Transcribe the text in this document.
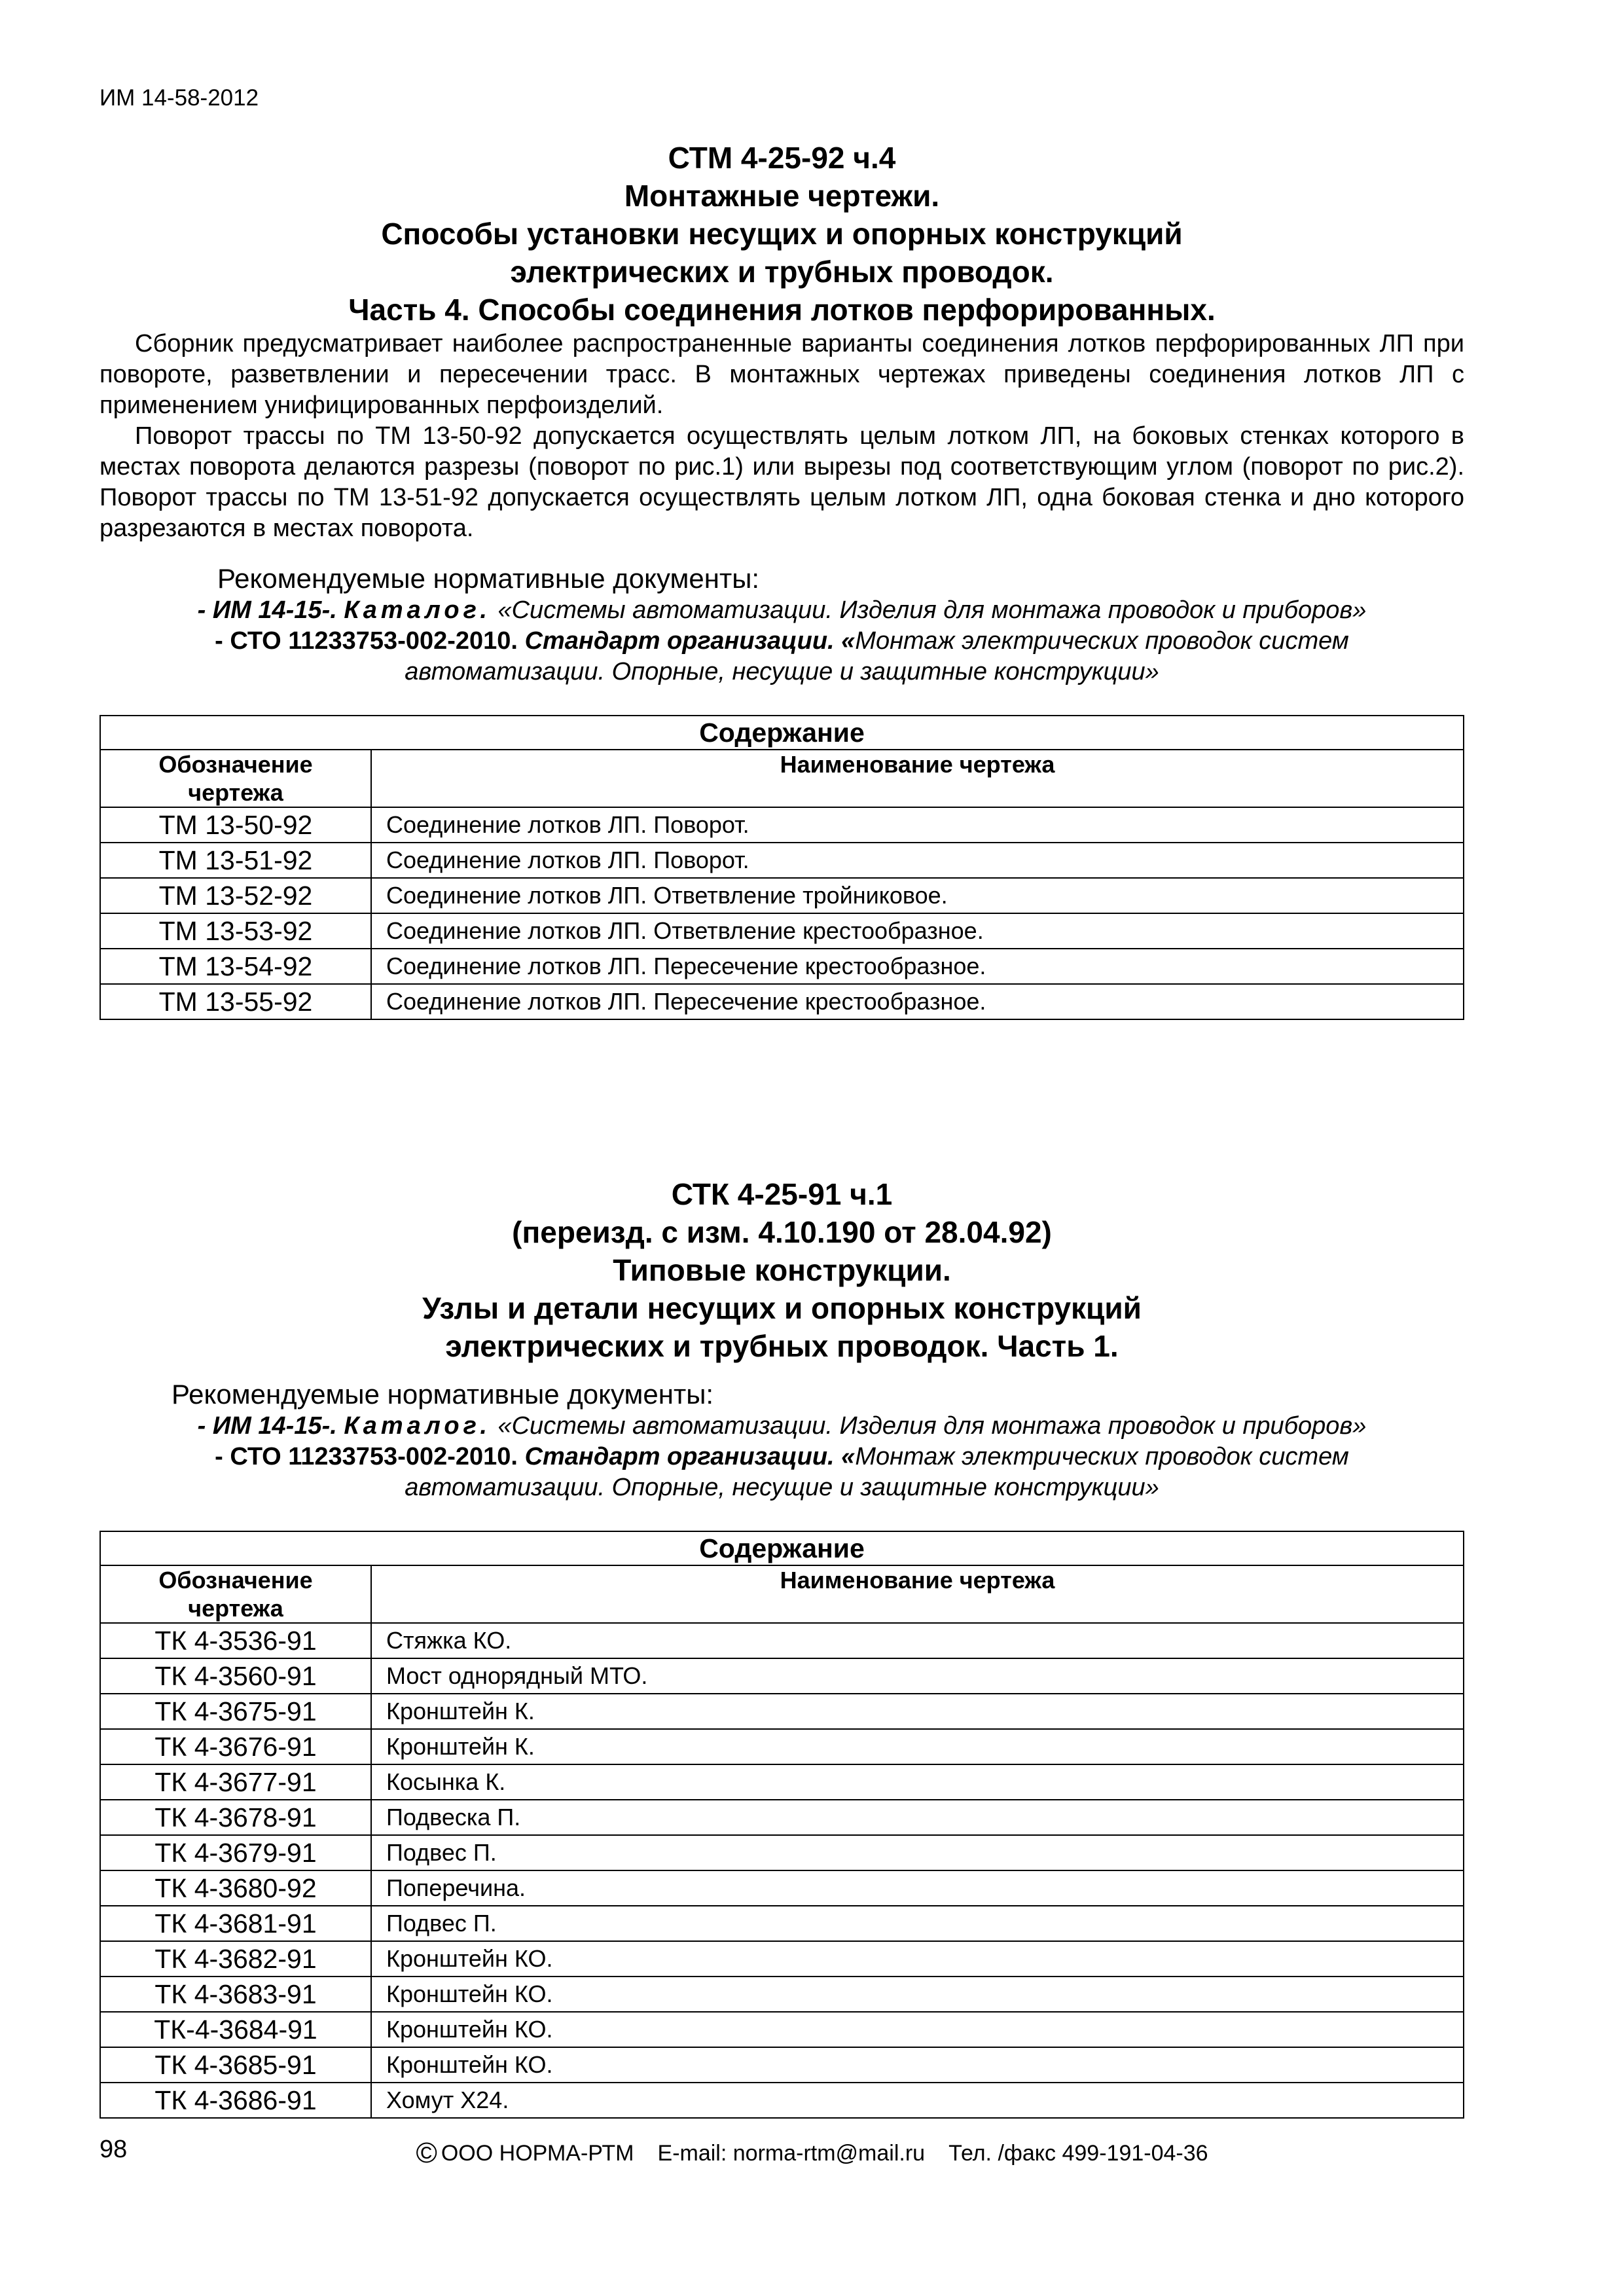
ИМ 14-58-2012
СТМ 4-25-92 ч.4
Монтажные чертежи.
Способы установки несущих и опорных конструкций
электрических и трубных проводок.
Часть 4. Способы соединения лотков перфорированных.
Сборник предусматривает наиболее распространенные варианты соединения лотков перфорированных ЛП при повороте, разветвлении и пересечении трасс. В монтажных чертежах приведены соединения лотков ЛП с применением унифицированных перфоизделий.
Поворот трассы по ТМ 13-50-92 допускается осуществлять целым лотком ЛП, на боковых стенках которого в местах поворота делаются разрезы (поворот по рис.1) или вырезы под соответствующим углом (поворот по рис.2). Поворот трассы по ТМ 13-51-92 допускается осуществлять целым лотком ЛП, одна боковая стенка и дно которого разрезаются в местах поворота.
Рекомендуемые нормативные документы:
- ИМ 14-15-. Каталог. «Системы автоматизации. Изделия для монтажа проводок и приборов»
- СТО 11233753-002-2010. Стандарт организации. «Монтаж электрических проводок систем
автоматизации. Опорные, несущие и защитные конструкции»
Содержание	
Обозначение чертежа	Наименование чертежа
ТМ 13-50-92	Соединение лотков ЛП. Поворот.
ТМ 13-51-92	Соединение лотков ЛП. Поворот.
ТМ 13-52-92	Соединение лотков ЛП. Ответвление тройниковое.
ТМ 13-53-92	Соединение лотков ЛП. Ответвление крестообразное.
ТМ 13-54-92	Соединение лотков ЛП. Пересечение крестообразное.
ТМ 13-55-92	Соединение лотков ЛП. Пересечение крестообразное.
СТК 4-25-91 ч.1
(переизд. с изм. 4.10.190 от 28.04.92)
Типовые конструкции.
Узлы и детали несущих и опорных конструкций
электрических и трубных проводок. Часть 1.
Рекомендуемые нормативные документы:
- ИМ 14-15-. Каталог. «Системы автоматизации. Изделия для монтажа проводок и приборов»
- СТО 11233753-002-2010. Стандарт организации. «Монтаж электрических проводок систем
автоматизации. Опорные, несущие и защитные конструкции»
Содержание	
Обозначение чертежа	Наименование чертежа
ТК 4-3536-91	Стяжка КО.
ТК 4-3560-91	Мост однорядный МТО.
ТК 4-3675-91	Кронштейн К.
ТК 4-3676-91	Кронштейн К.
ТК 4-3677-91	Косынка К.
ТК 4-3678-91	Подвеска П.
ТК 4-3679-91	Подвес П.
ТК 4-3680-92	Поперечина.
ТК 4-3681-91	Подвес П.
ТК 4-3682-91	Кронштейн КО.
ТК 4-3683-91	Кронштейн КО.
ТК-4-3684-91	Кронштейн КО.
ТК 4-3685-91	Кронштейн КО.
ТК 4-3686-91	Хомут Х24.
98	© ООО НОРМА-РТМ E-mail: norma-rtm@mail.ru Тел. /факс 499-191-04-36
